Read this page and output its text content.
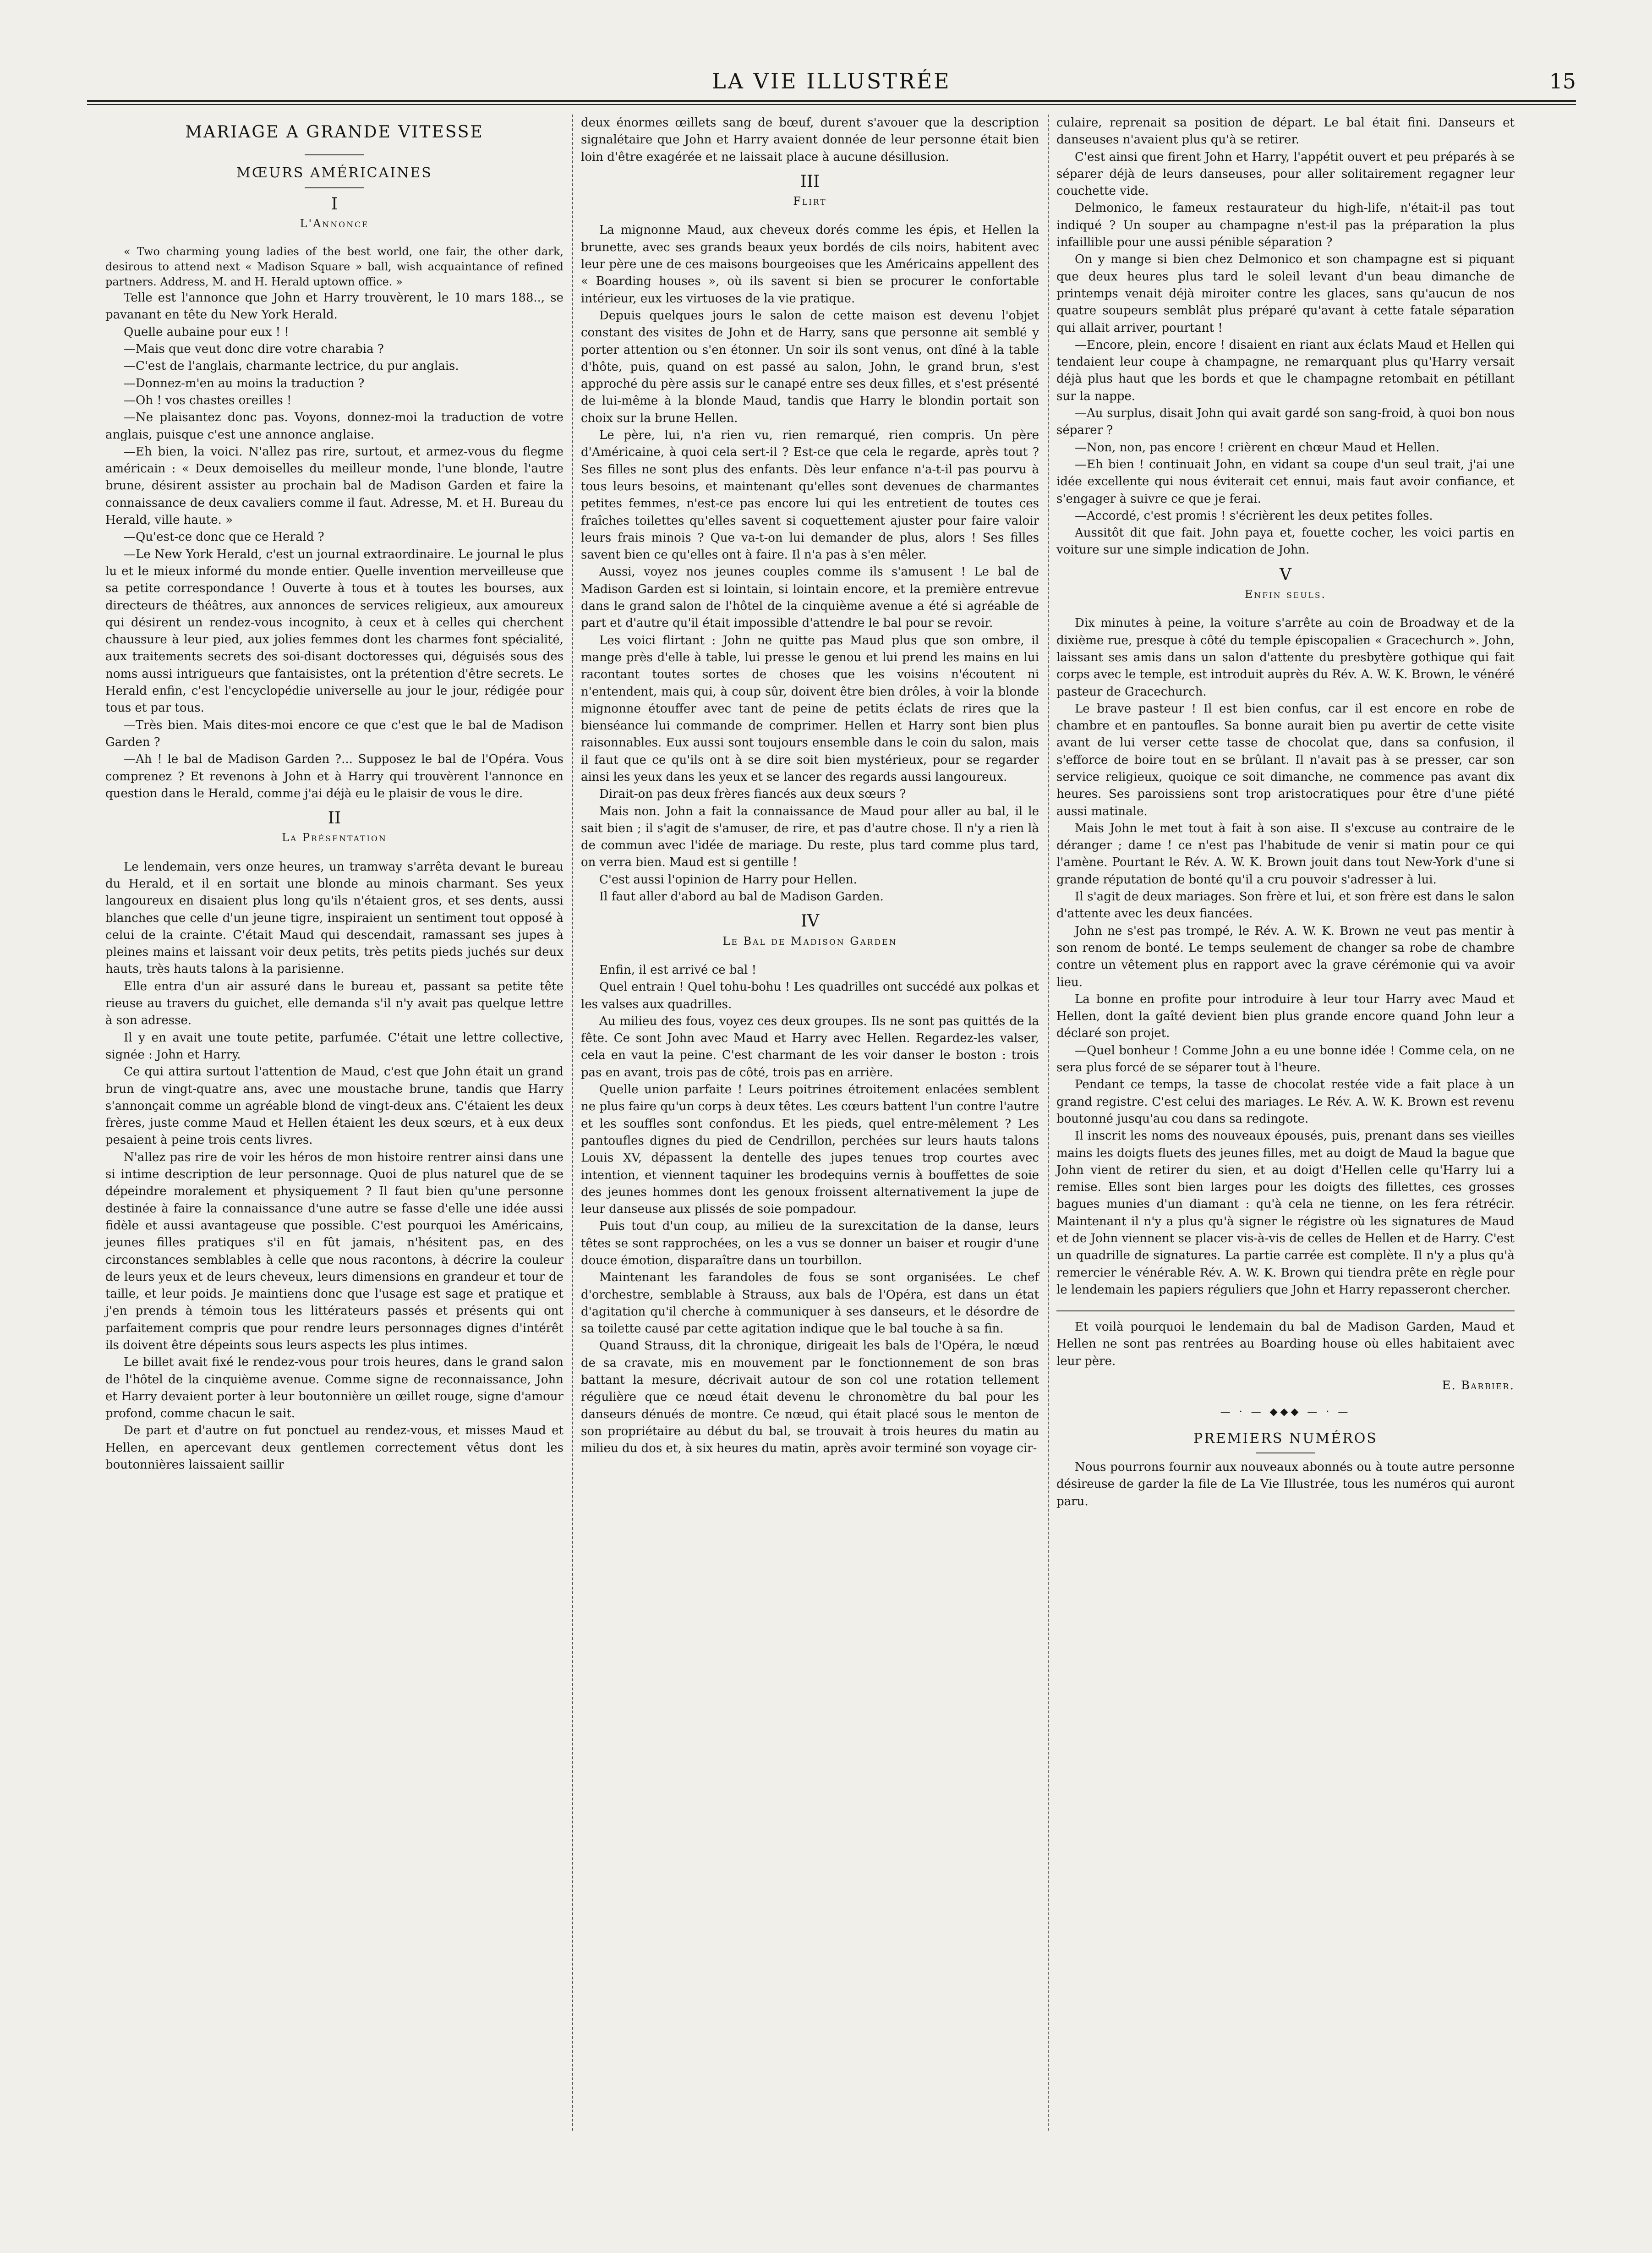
LA VIE ILLUSTRÉE	15
MARIAGE A GRANDE VITESSE
MŒURS AMÉRICAINES
I
L'Annonce

« Two charming young ladies of the best world, one fair, the other dark, desirous to attend next « Madison Square » ball, wish acquaintance of refined partners. Address, M. and H. Herald uptown office. »

Telle est l'annonce que John et Harry trouvèrent, le 10 mars 188.., se pavanant en tête du New York Herald.

Quelle aubaine pour eux ! !

—Mais que veut donc dire votre charabia ?

—C'est de l'anglais, charmante lectrice, du pur anglais.

—Donnez-m'en au moins la traduction ?

—Oh ! vos chastes oreilles !

—Ne plaisantez donc pas. Voyons, donnez-moi la traduction de votre anglais, puisque c'est une annonce anglaise.

—Eh bien, la voici. N'allez pas rire, surtout, et armez-vous du flegme américain : « Deux demoiselles du meilleur monde, l'une blonde, l'autre brune, désirent assister au prochain bal de Madison Garden et faire la connaissance de deux cavaliers comme il faut. Adresse, M. et H. Bureau du Herald, ville haute. »

—Qu'est-ce donc que ce Herald ?

—Le New York Herald, c'est un journal extraordinaire. Le journal le plus lu et le mieux informé du monde entier. Quelle invention merveilleuse que sa petite correspondance ! Ouverte à tous et à toutes les bourses, aux directeurs de théâtres, aux annonces de services religieux, aux amoureux qui désirent un rendez-vous incognito, à ceux et à celles qui cherchent chaussure à leur pied, aux jolies femmes dont les charmes font spécialité, aux traitements secrets des soi-disant doctoresses qui, déguisés sous des noms aussi intrigueurs que fantaisistes, ont la prétention d'être secrets. Le Herald enfin, c'est l'encyclopédie universelle au jour le jour, rédigée pour tous et par tous.

—Très bien. Mais dites-moi encore ce que c'est que le bal de Madison Garden ?

—Ah ! le bal de Madison Garden ?... Supposez le bal de l'Opéra. Vous comprenez ? Et revenons à John et à Harry qui trouvèrent l'annonce en question dans le Herald, comme j'ai déjà eu le plaisir de vous le dire.

II
La Présentation

Le lendemain, vers onze heures, un tramway s'arrêta devant le bureau du Herald, et il en sortait une blonde au minois charmant. Ses yeux langoureux en disaient plus long qu'ils n'étaient gros, et ses dents, aussi blanches que celle d'un jeune tigre, inspiraient un sentiment tout opposé à celui de la crainte. C'était Maud qui descendait, ramassant ses jupes à pleines mains et laissant voir deux petits, très petits pieds juchés sur deux hauts, très hauts talons à la parisienne.

Elle entra d'un air assuré dans le bureau et, passant sa petite tête rieuse au travers du guichet, elle demanda s'il n'y avait pas quelque lettre à son adresse.

Il y en avait une toute petite, parfumée. C'était une lettre collective, signée : John et Harry.

Ce qui attira surtout l'attention de Maud, c'est que John était un grand brun de vingt-quatre ans, avec une moustache brune, tandis que Harry s'annonçait comme un agréable blond de vingt-deux ans. C'étaient les deux frères, juste comme Maud et Hellen étaient les deux sœurs, et à eux deux pesaient à peine trois cents livres.

N'allez pas rire de voir les héros de mon histoire rentrer ainsi dans une si intime description de leur personnage. Quoi de plus naturel que de se dépeindre moralement et physiquement ? Il faut bien qu'une personne destinée à faire la connaissance d'une autre se fasse d'elle une idée aussi fidèle et aussi avantageuse que possible. C'est pourquoi les Américains, jeunes filles pratiques s'il en fût jamais, n'hésitent pas, en des circonstances semblables à celle que nous racontons, à décrire la couleur de leurs yeux et de leurs cheveux, leurs dimensions en grandeur et tour de taille, et leur poids. Je maintiens donc que l'usage est sage et pratique et j'en prends à témoin tous les littérateurs passés et présents qui ont parfaitement compris que pour rendre leurs personnages dignes d'intérêt ils doivent être dépeints sous leurs aspects les plus intimes.

Le billet avait fixé le rendez-vous pour trois heures, dans le grand salon de l'hôtel de la cinquième avenue. Comme signe de reconnaissance, John et Harry devaient porter à leur boutonnière un œillet rouge, signe d'amour profond, comme chacun le sait.

De part et d'autre on fut ponctuel au rendez-vous, et misses Maud et Hellen, en apercevant deux gentlemen correctement vêtus dont les boutonnières laissaient saillir

deux énormes œillets sang de bœuf, durent s'avouer que la description signalétaire que John et Harry avaient donnée de leur personne était bien loin d'être exagérée et ne laissait place à aucune désillusion.

III
Flirt

La mignonne Maud, aux cheveux dorés comme les épis, et Hellen la brunette, avec ses grands beaux yeux bordés de cils noirs, habitent avec leur père une de ces maisons bourgeoises que les Américains appellent des « Boarding houses », où ils savent si bien se procurer le confortable intérieur, eux les virtuoses de la vie pratique.

Depuis quelques jours le salon de cette maison est devenu l'objet constant des visites de John et de Harry, sans que personne ait semblé y porter attention ou s'en étonner. Un soir ils sont venus, ont dîné à la table d'hôte, puis, quand on est passé au salon, John, le grand brun, s'est approché du père assis sur le canapé entre ses deux filles, et s'est présenté de lui-même à la blonde Maud, tandis que Harry le blondin portait son choix sur la brune Hellen.

Le père, lui, n'a rien vu, rien remarqué, rien compris. Un père d'Américaine, à quoi cela sert-il ? Est-ce que cela le regarde, après tout ? Ses filles ne sont plus des enfants. Dès leur enfance n'a-t-il pas pourvu à tous leurs besoins, et maintenant qu'elles sont devenues de charmantes petites femmes, n'est-ce pas encore lui qui les entretient de toutes ces fraîches toilettes qu'elles savent si coquettement ajuster pour faire valoir leurs frais minois ? Que va-t-on lui demander de plus, alors ! Ses filles savent bien ce qu'elles ont à faire. Il n'a pas à s'en mêler.

Aussi, voyez nos jeunes couples comme ils s'amusent ! Le bal de Madison Garden est si lointain, si lointain encore, et la première entrevue dans le grand salon de l'hôtel de la cinquième avenue a été si agréable de part et d'autre qu'il était impossible d'attendre le bal pour se revoir.

Les voici flirtant : John ne quitte pas Maud plus que son ombre, il mange près d'elle à table, lui presse le genou et lui prend les mains en lui racontant toutes sortes de choses que les voisins n'écoutent ni n'entendent, mais qui, à coup sûr, doivent être bien drôles, à voir la blonde mignonne étouffer avec tant de peine de petits éclats de rires que la bienséance lui commande de comprimer. Hellen et Harry sont bien plus raisonnables. Eux aussi sont toujours ensemble dans le coin du salon, mais il faut que ce qu'ils ont à se dire soit bien mystérieux, pour se regarder ainsi les yeux dans les yeux et se lancer des regards aussi langoureux.

Dirait-on pas deux frères fiancés aux deux sœurs ?

Mais non. John a fait la connaissance de Maud pour aller au bal, il le sait bien ; il s'agit de s'amuser, de rire, et pas d'autre chose. Il n'y a rien là de commun avec l'idée de mariage. Du reste, plus tard comme plus tard, on verra bien. Maud est si gentille !

C'est aussi l'opinion de Harry pour Hellen.

Il faut aller d'abord au bal de Madison Garden.

IV
Le Bal de Madison Garden

Enfin, il est arrivé ce bal !

Quel entrain ! Quel tohu-bohu ! Les quadrilles ont succédé aux polkas et les valses aux quadrilles.

Au milieu des fous, voyez ces deux groupes. Ils ne sont pas quittés de la fête. Ce sont John avec Maud et Harry avec Hellen. Regardez-les valser, cela en vaut la peine. C'est charmant de les voir danser le boston : trois pas en avant, trois pas de côté, trois pas en arrière.

Quelle union parfaite ! Leurs poitrines étroitement enlacées semblent ne plus faire qu'un corps à deux têtes. Les cœurs battent l'un contre l'autre et les souffles sont confondus. Et les pieds, quel entre-mêlement ? Les pantoufles dignes du pied de Cendrillon, perchées sur leurs hauts talons Louis XV, dépassent la dentelle des jupes tenues trop courtes avec intention, et viennent taquiner les brodequins vernis à bouffettes de soie des jeunes hommes dont les genoux froissent alternativement la jupe de leur danseuse aux plissés de soie pompadour.

Puis tout d'un coup, au milieu de la surexcitation de la danse, leurs têtes se sont rapprochées, on les a vus se donner un baiser et rougir d'une douce émotion, disparaître dans un tourbillon.

Maintenant les farandoles de fous se sont organisées. Le chef d'orchestre, semblable à Strauss, aux bals de l'Opéra, est dans un état d'agitation qu'il cherche à communiquer à ses danseurs, et le désordre de sa toilette causé par cette agitation indique que le bal touche à sa fin.

Quand Strauss, dit la chronique, dirigeait les bals de l'Opéra, le nœud de sa cravate, mis en mouvement par le fonctionnement de son bras battant la mesure, décrivait autour de son col une rotation tellement régulière que ce nœud était devenu le chronomètre du bal pour les danseurs dénués de montre. Ce nœud, qui était placé sous le menton de son propriétaire au début du bal, se trouvait à trois heures du matin au milieu du dos et, à six heures du matin, après avoir terminé son voyage cir-

culaire, reprenait sa position de départ. Le bal était fini. Danseurs et danseuses n'avaient plus qu'à se retirer.

C'est ainsi que firent John et Harry, l'appétit ouvert et peu préparés à se séparer déjà de leurs danseuses, pour aller solitairement regagner leur couchette vide.

Delmonico, le fameux restaurateur du high-life, n'était-il pas tout indiqué ? Un souper au champagne n'est-il pas la préparation la plus infaillible pour une aussi pénible séparation ?

On y mange si bien chez Delmonico et son champagne est si piquant que deux heures plus tard le soleil levant d'un beau dimanche de printemps venait déjà miroiter contre les glaces, sans qu'aucun de nos quatre soupeurs semblât plus préparé qu'avant à cette fatale séparation qui allait arriver, pourtant !

—Encore, plein, encore ! disaient en riant aux éclats Maud et Hellen qui tendaient leur coupe à champagne, ne remarquant plus qu'Harry versait déjà plus haut que les bords et que le champagne retombait en pétillant sur la nappe.

—Au surplus, disait John qui avait gardé son sang-froid, à quoi bon nous séparer ?

—Non, non, pas encore ! crièrent en chœur Maud et Hellen.

—Eh bien ! continuait John, en vidant sa coupe d'un seul trait, j'ai une idée excellente qui nous éviterait cet ennui, mais faut avoir confiance, et s'engager à suivre ce que je ferai.

—Accordé, c'est promis ! s'écrièrent les deux petites folles.

Aussitôt dit que fait. John paya et, fouette cocher, les voici partis en voiture sur une simple indication de John.

V
Enfin seuls.

Dix minutes à peine, la voiture s'arrête au coin de Broadway et de la dixième rue, presque à côté du temple épiscopalien « Gracechurch ». John, laissant ses amis dans un salon d'attente du presbytère gothique qui fait corps avec le temple, est introduit auprès du Rév. A. W. K. Brown, le vénéré pasteur de Gracechurch.

Le brave pasteur ! Il est bien confus, car il est encore en robe de chambre et en pantoufles. Sa bonne aurait bien pu avertir de cette visite avant de lui verser cette tasse de chocolat que, dans sa confusion, il s'efforce de boire tout en se brûlant. Il n'avait pas à se presser, car son service religieux, quoique ce soit dimanche, ne commence pas avant dix heures. Ses paroissiens sont trop aristocratiques pour être d'une piété aussi matinale.

Mais John le met tout à fait à son aise. Il s'excuse au contraire de le déranger ; dame ! ce n'est pas l'habitude de venir si matin pour ce qui l'amène. Pourtant le Rév. A. W. K. Brown jouit dans tout New-York d'une si grande réputation de bonté qu'il a cru pouvoir s'adresser à lui.

Il s'agit de deux mariages. Son frère et lui, et son frère est dans le salon d'attente avec les deux fiancées.

John ne s'est pas trompé, le Rév. A. W. K. Brown ne veut pas mentir à son renom de bonté. Le temps seulement de changer sa robe de chambre contre un vêtement plus en rapport avec la grave cérémonie qui va avoir lieu.

La bonne en profite pour introduire à leur tour Harry avec Maud et Hellen, dont la gaîté devient bien plus grande encore quand John leur a déclaré son projet.

—Quel bonheur ! Comme John a eu une bonne idée ! Comme cela, on ne sera plus forcé de se séparer tout à l'heure.

Pendant ce temps, la tasse de chocolat restée vide a fait place à un grand registre. C'est celui des mariages. Le Rév. A. W. K. Brown est revenu boutonné jusqu'au cou dans sa redingote.

Il inscrit les noms des nouveaux épousés, puis, prenant dans ses vieilles mains les doigts fluets des jeunes filles, met au doigt de Maud la bague que John vient de retirer du sien, et au doigt d'Hellen celle qu'Harry lui a remise. Elles sont bien larges pour les doigts des fillettes, ces grosses bagues munies d'un diamant : qu'à cela ne tienne, on les fera rétrécir. Maintenant il n'y a plus qu'à signer le régistre où les signatures de Maud et de John viennent se placer vis-à-vis de celles de Hellen et de Harry. C'est un quadrille de signatures. La partie carrée est complète. Il n'y a plus qu'à remercier le vénérable Rév. A. W. K. Brown qui tiendra prête en règle pour le lendemain les papiers réguliers que John et Harry repasseront chercher.

Et voilà pourquoi le lendemain du bal de Madison Garden, Maud et Hellen ne sont pas rentrées au Boarding house où elles habitaient avec leur père.

E. Barbier.
— · — ◆◆◆ — · —
PREMIERS NUMÉROS

Nous pourrons fournir aux nouveaux abonnés ou à toute autre personne désireuse de garder la file de La Vie Illustrée, tous les numéros qui auront paru.
